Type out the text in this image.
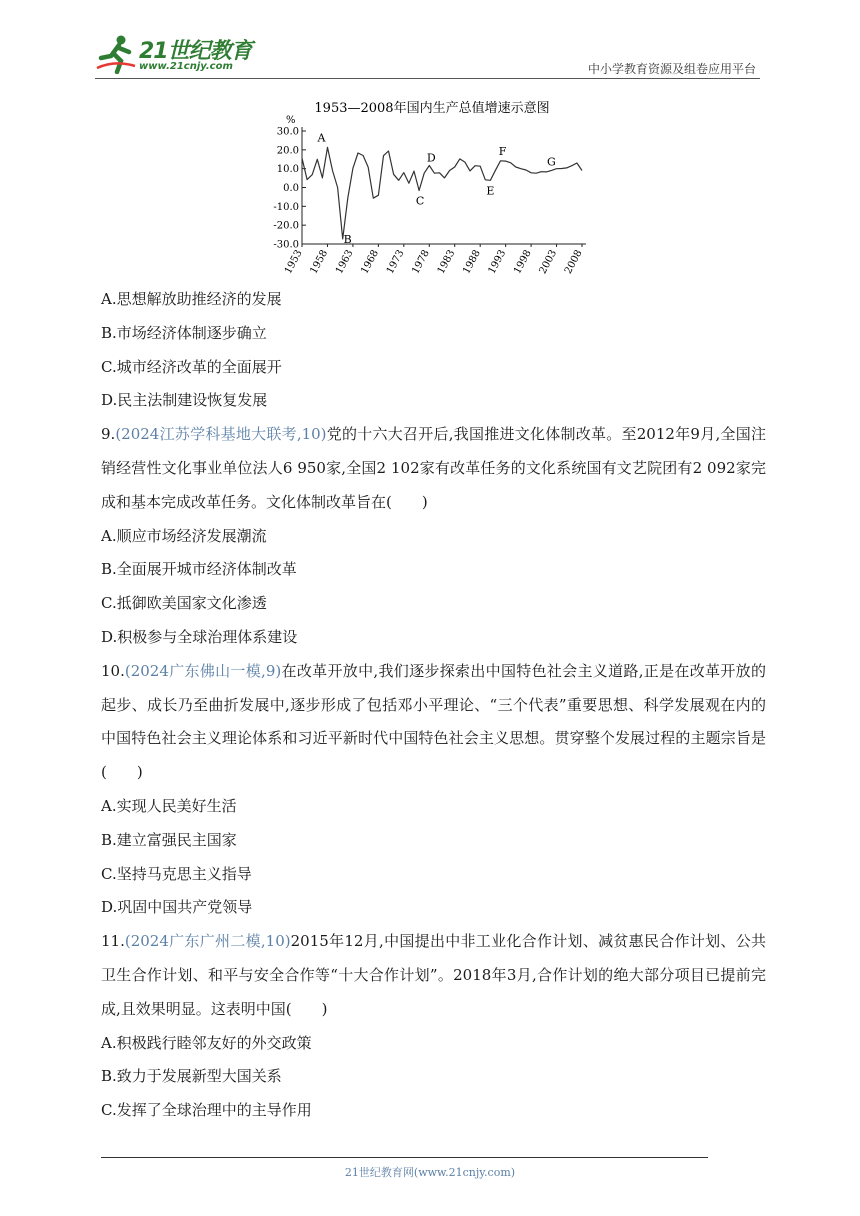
21世纪教育
www.21cnjy.com	中小学教育资源及组卷应用平台
1953—2008年国内生产总值增速示意图
%
30.0
20.0
10.0
0.0
-10.0
-20.0
-30.0
1953 1958 1963 1968 1973 1978 1983 1988 1993 1998 2003 2008
A
B
C
D
E
F
G

A.思想解放助推经济的发展

B.市场经济体制逐步确立

C.城市经济改革的全面展开

D.民主法制建设恢复发展

9.(2024江苏学科基地大联考,10)党的十六大召开后,我国推进文化体制改革。至2012年9月,全国注销经营性文化事业单位法人6 950家,全国2 102家有改革任务的文化系统国有文艺院团有2 092家完成和基本完成改革任务。文化体制改革旨在(　　)

A.顺应市场经济发展潮流

B.全面展开城市经济体制改革

C.抵御欧美国家文化渗透

D.积极参与全球治理体系建设

10.(2024广东佛山一模,9)在改革开放中,我们逐步探索出中国特色社会主义道路,正是在改革开放的起步、成长乃至曲折发展中,逐步形成了包括邓小平理论、“三个代表”重要思想、科学发展观在内的中国特色社会主义理论体系和习近平新时代中国特色社会主义思想。贯穿整个发展过程的主题宗旨是(　　)

A.实现人民美好生活

B.建立富强民主国家

C.坚持马克思主义指导

D.巩固中国共产党领导

11.(2024广东广州二模,10)2015年12月,中国提出中非工业化合作计划、减贫惠民合作计划、公共卫生合作计划、和平与安全合作等“十大合作计划”。2018年3月,合作计划的绝大部分项目已提前完成,且效果明显。这表明中国(　　)

A.积极践行睦邻友好的外交政策

B.致力于发展新型大国关系

C.发挥了全球治理中的主导作用

21世纪教育网(www.21cnjy.com)
